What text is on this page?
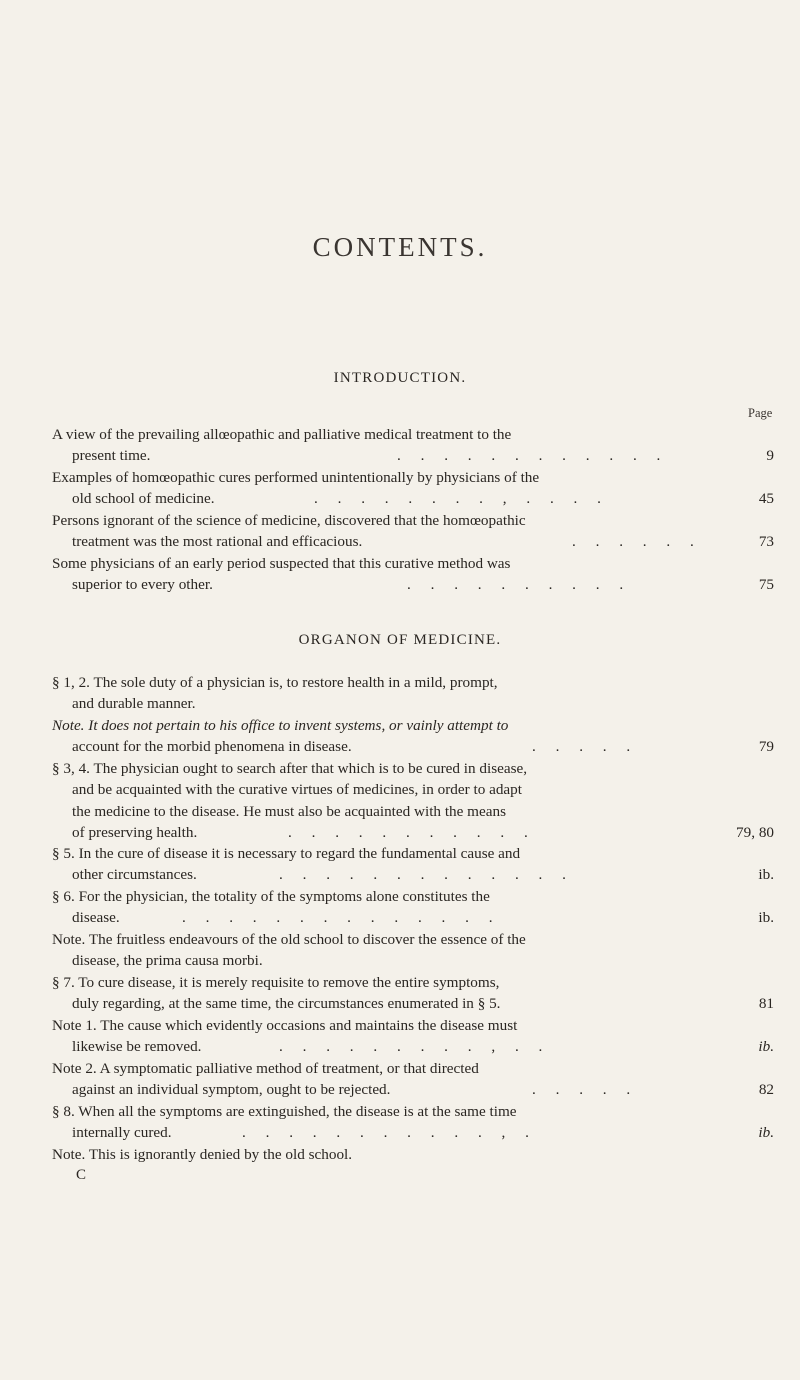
CONTENTS.
INTRODUCTION.
Page
A view of the prevailing allœopathic and palliative medical treatment to the
present time.	. . . . . . . . . . . .	9
Examples of homœopathic cures performed unintentionally by physicians of the
old school of medicine.	. . . . . . . . , . . . .	45
Persons ignorant of the science of medicine, discovered that the homœopathic
treatment was the most rational and efficacious.	. . . . . .	73
Some physicians of an early period suspected that this curative method was
superior to every other.	. . . . . . . . . .	75
ORGANON OF MEDICINE.
§ 1, 2. The sole duty of a physician is, to restore health in a mild, prompt,
and durable manner.
Note. It does not pertain to his office to invent systems, or vainly attempt to
account for the morbid phenomena in disease.	. . . . .	79
§ 3, 4. The physician ought to search after that which is to be cured in disease,
and be acquainted with the curative virtues of medicines, in order to adapt
the medicine to the disease. He must also be acquainted with the means
of preserving health.	. . . . . . . . . . .	79, 80
§ 5. In the cure of disease it is necessary to regard the fundamental cause and
other circumstances.	. . . . . . . . . . . . .	ib.
§ 6. For the physician, the totality of the symptoms alone constitutes the
disease.	. . . . . . . . . . . . . .	ib.
Note. The fruitless endeavours of the old school to discover the essence of the
disease, the prima causa morbi.
§ 7. To cure disease, it is merely requisite to remove the entire symptoms,
duly regarding, at the same time, the circumstances enumerated in § 5.	81
Note 1. The cause which evidently occasions and maintains the disease must
likewise be removed.	. . . . . . . . . , . .	ib.
Note 2. A symptomatic palliative method of treatment, or that directed
against an individual symptom, ought to be rejected.	. . . . .	82
§ 8. When all the symptoms are extinguished, the disease is at the same time
internally cured.	. . . . . . . . . . . , .	ib.
Note. This is ignorantly denied by the old school.
C
